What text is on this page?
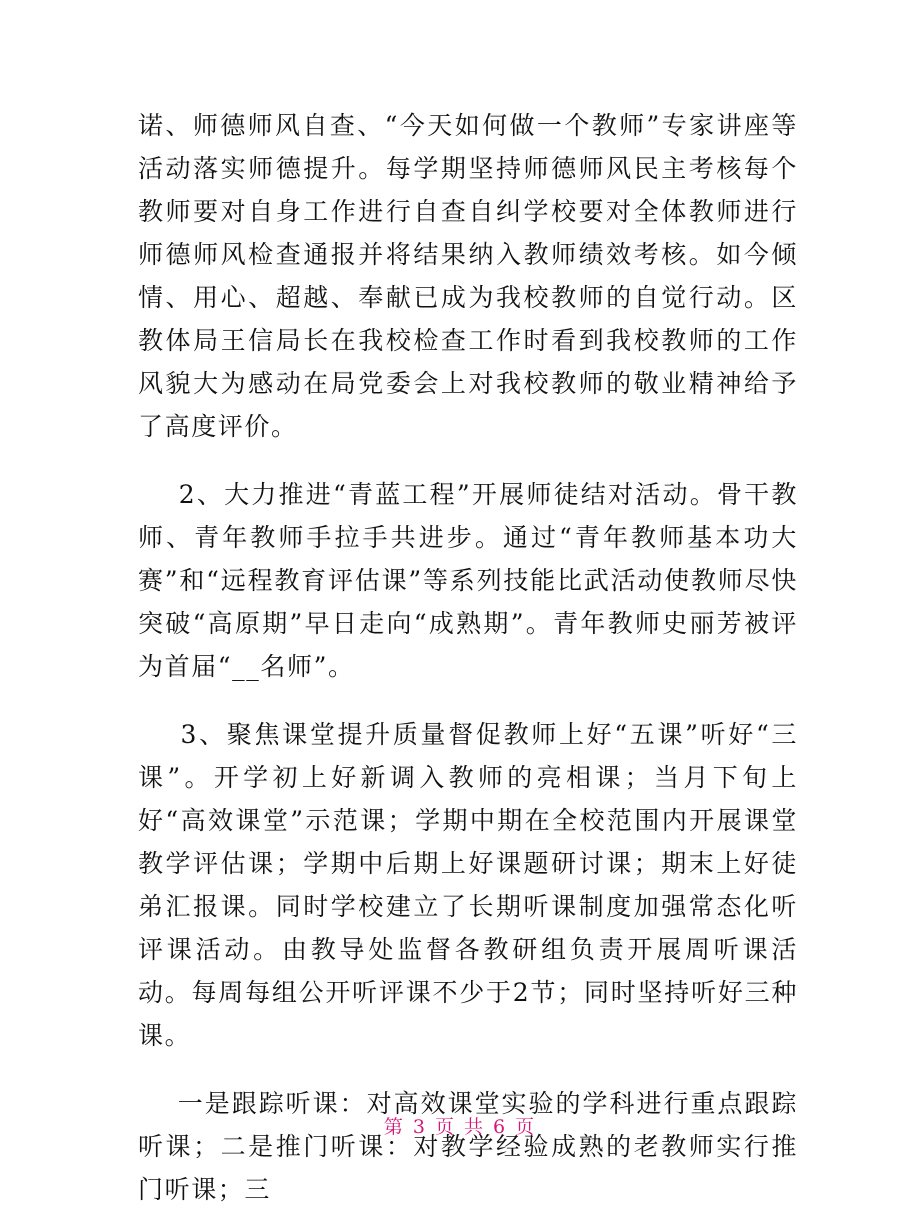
诺、师德师风自查、“今天如何做一个教师”专家讲座等活动落实师德提升。每学期坚持师德师风民主考核每个教师要对自身工作进行自查自纠学校要对全体教师进行师德师风检查通报并将结果纳入教师绩效考核。如今倾情、用心、超越、奉献已成为我校教师的自觉行动。区教体局王信局长在我校检查工作时看到我校教师的工作风貌大为感动在局党委会上对我校教师的敬业精神给予了高度评价。

2、大力推进“青蓝工程”开展师徒结对活动。骨干教师、青年教师手拉手共进步。通过“青年教师基本功大赛”和“远程教育评估课”等系列技能比武活动使教师尽快突破“高原期”早日走向“成熟期”。青年教师史丽芳被评为首届“__名师”。

3、聚焦课堂提升质量督促教师上好“五课”听好“三课”。开学初上好新调入教师的亮相课；当月下旬上好“高效课堂”示范课；学期中期在全校范围内开展课堂教学评估课；学期中后期上好课题研讨课；期末上好徒弟汇报课。同时学校建立了长期听课制度加强常态化听评课活动。由教导处监督各教研组负责开展周听课活动。每周每组公开听评课不少于2节；同时坚持听好三种课。

一是跟踪听课：对高效课堂实验的学科进行重点跟踪听课；二是推门听课：对教学经验成熟的老教师实行推门听课；三

第 3 页 共 6 页
